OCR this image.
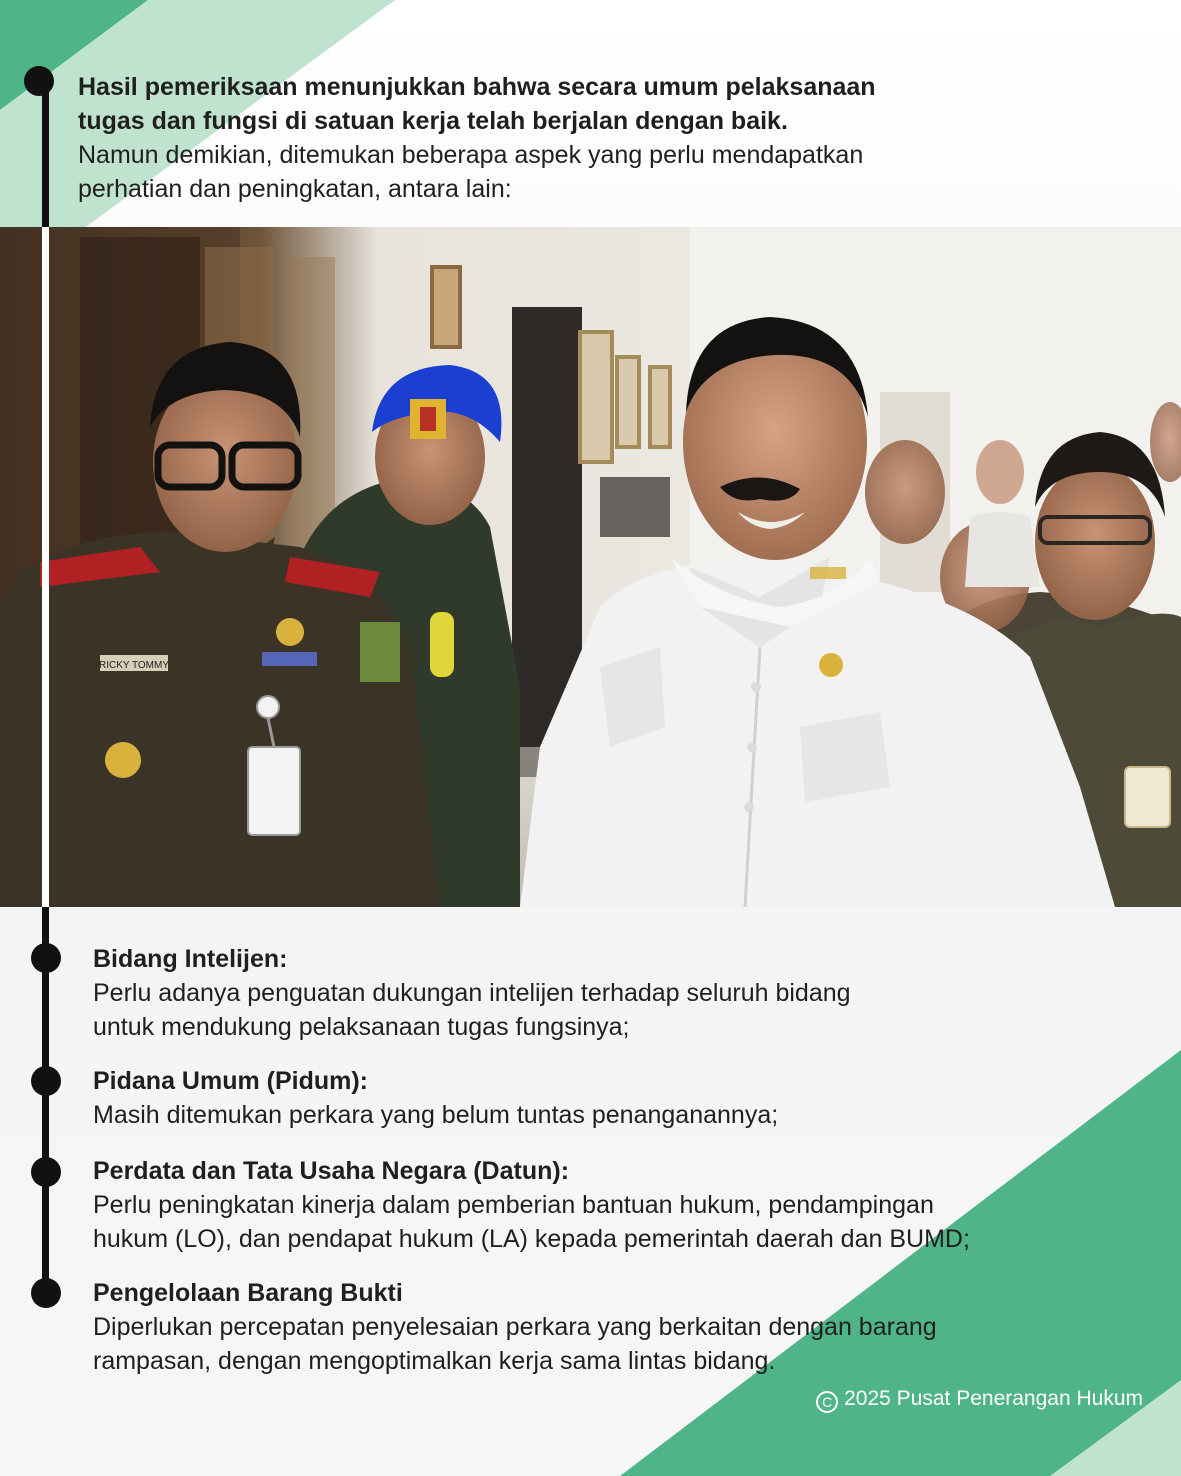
Hasil pemeriksaan menunjukkan bahwa secara umum pelaksanaan
tugas dan fungsi di satuan kerja telah berjalan dengan baik.
Namun demikian, ditemukan beberapa aspek yang perlu mendapatkan
perhatian dan peningkatan, antara lain:
RICKY TOMMY
Bidang Intelijen:
Perlu adanya penguatan dukungan intelijen terhadap seluruh bidang
untuk mendukung pelaksanaan tugas fungsinya;
Pidana Umum (Pidum):
Masih ditemukan perkara yang belum tuntas penanganannya;
Perdata dan Tata Usaha Negara (Datun):
Perlu peningkatan kinerja dalam pemberian bantuan hukum, pendampingan
hukum (LO), dan pendapat hukum (LA) kepada pemerintah daerah dan BUMD;
Pengelolaan Barang Bukti
Diperlukan percepatan penyelesaian perkara yang berkaitan dengan barang
rampasan, dengan mengoptimalkan kerja sama lintas bidang.
C 2025 Pusat Penerangan Hukum
